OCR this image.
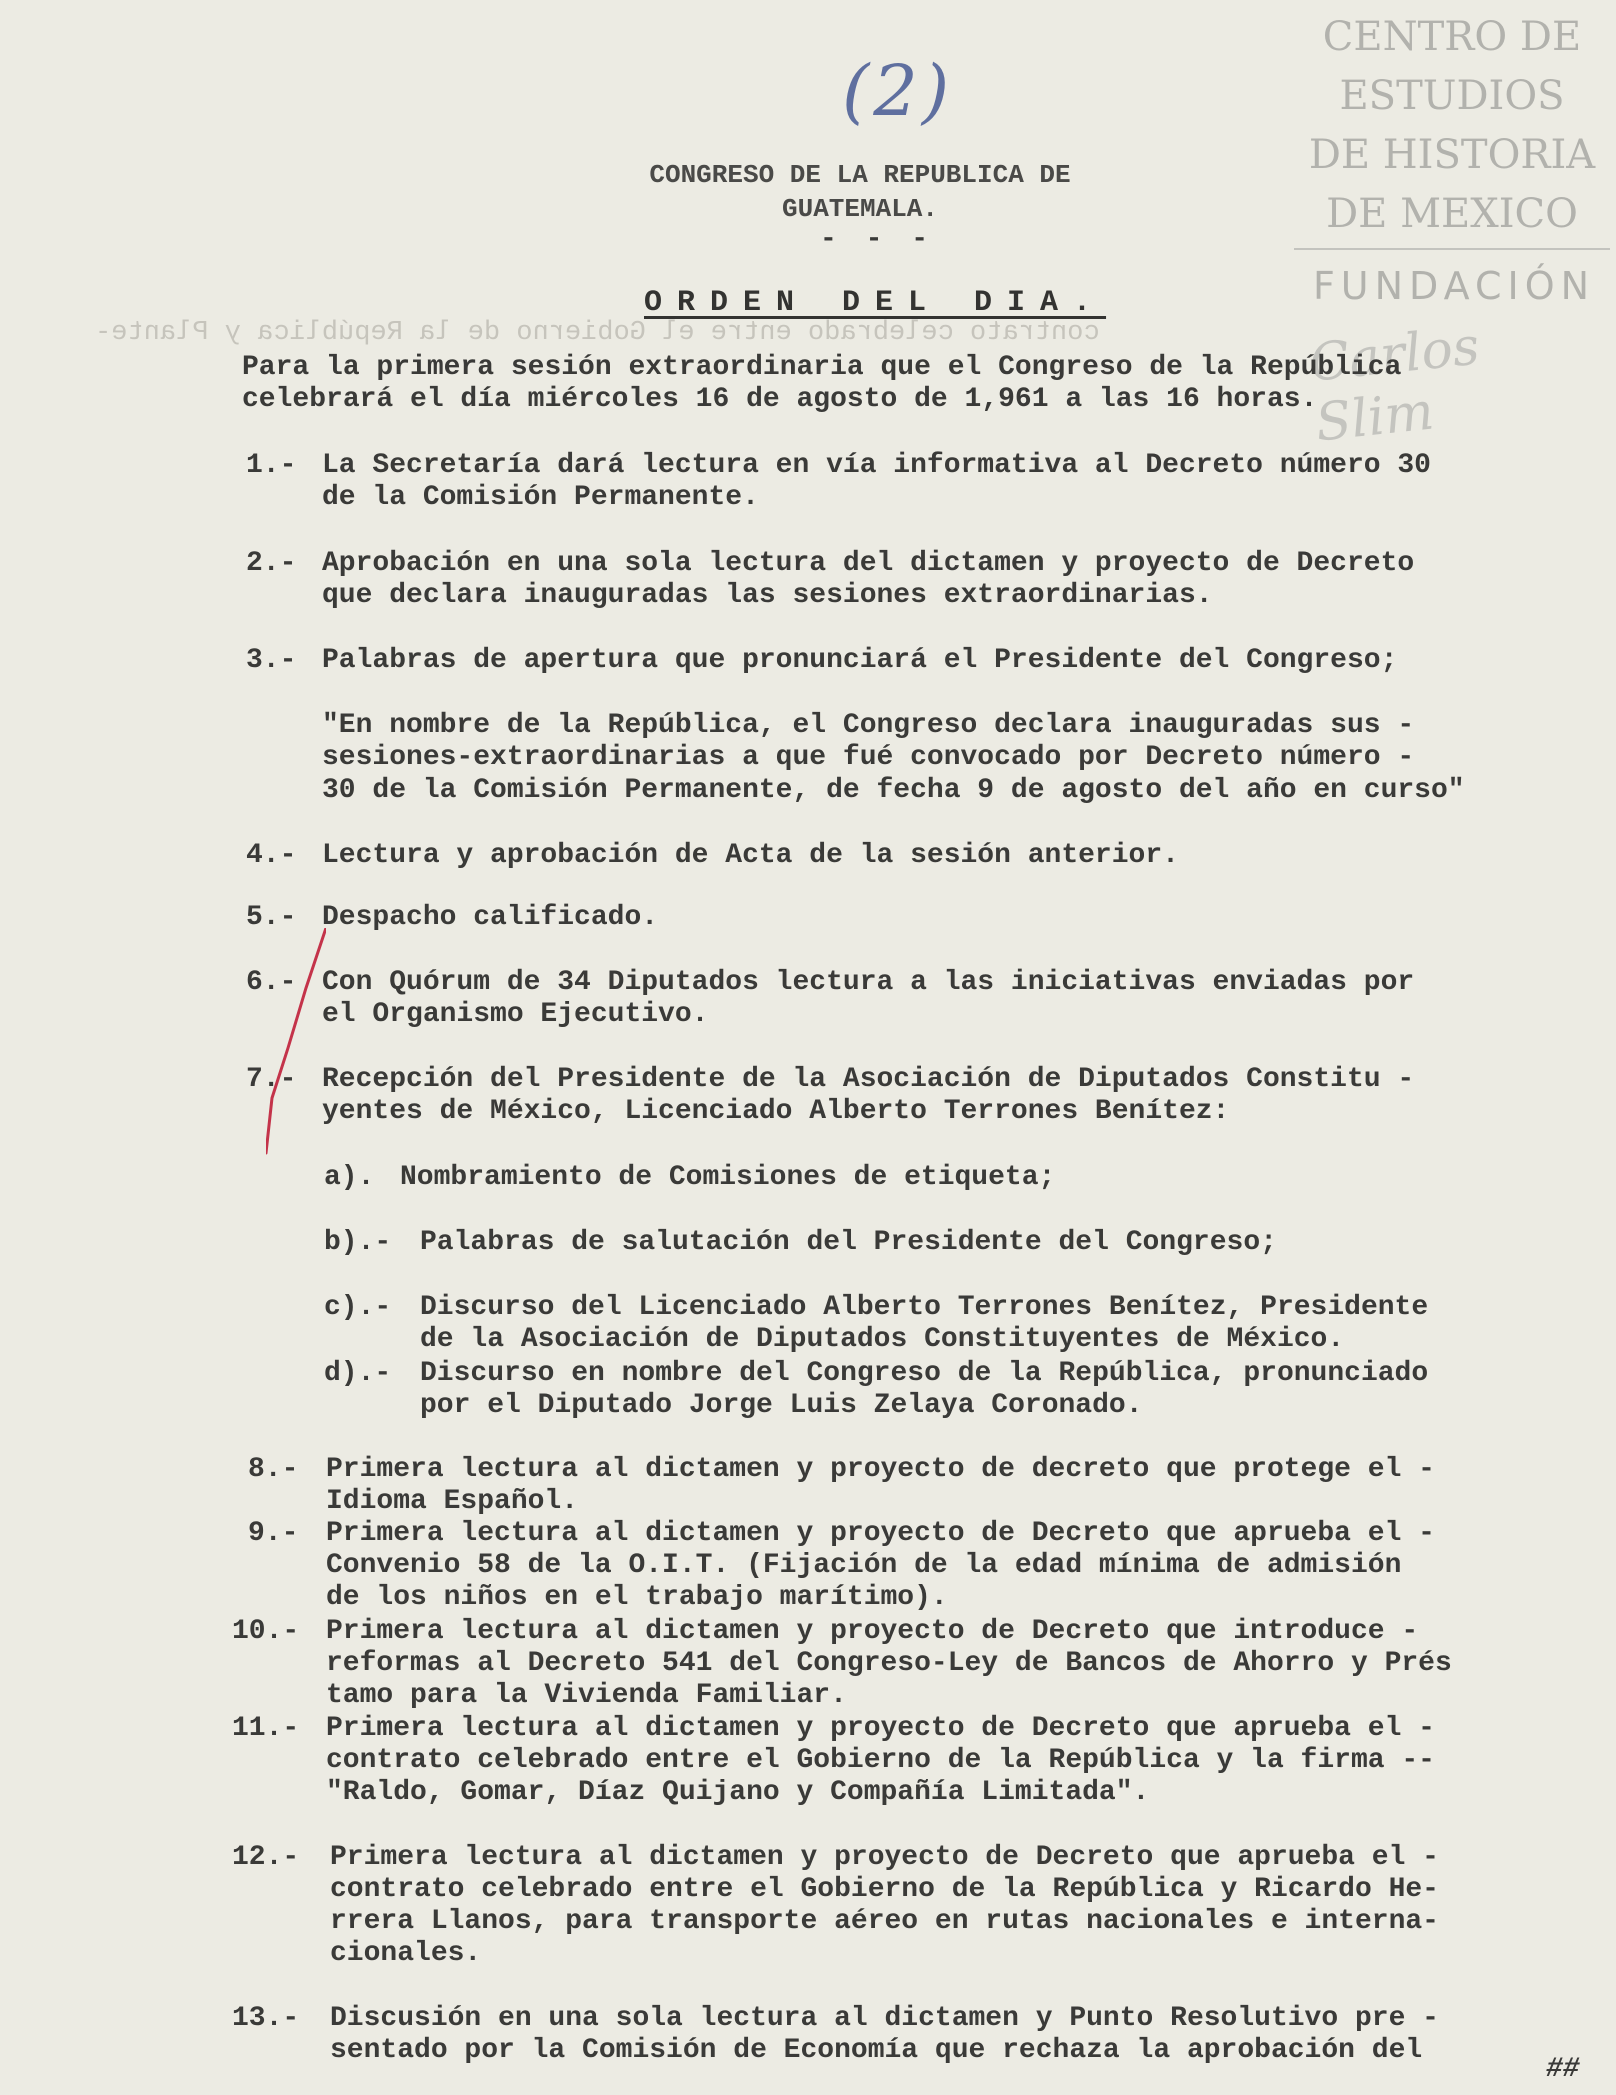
contrato celebrado entre el Gobierno de la República y Plante-
(2)
CENTRO DE
ESTUDIOS
DE HISTORIA
DE MEXICO
FUNDACIÓN
Carlos Slim
CONGRESO DE LA REPUBLICA DE
GUATEMALA.
- - -
ORDEN DEL DIA.
Para la primera sesión extraordinaria que el Congreso de la República
celebrará el día miércoles 16 de agosto de 1,961 a las 16 horas.
1.- La Secretaría dará lectura en vía informativa al Decreto número 30
de la Comisión Permanente.
2.- Aprobación en una sola lectura del dictamen y proyecto de Decreto
que declara inauguradas las sesiones extraordinarias.
3.- Palabras de apertura que pronunciará el Presidente del Congreso;
"En nombre de la República, el Congreso declara inauguradas sus -
sesiones-extraordinarias a que fué convocado por Decreto número -
30 de la Comisión Permanente, de fecha 9 de agosto del año en curso"
4.- Lectura y aprobación de Acta de la sesión anterior.
5.- Despacho calificado.
6.- Con Quórum de 34 Diputados lectura a las iniciativas enviadas por
el Organismo Ejecutivo.
7.- Recepción del Presidente de la Asociación de Diputados Constitu -
yentes de México, Licenciado Alberto Terrones Benítez:
a). Nombramiento de Comisiones de etiqueta;
b).- Palabras de salutación del Presidente del Congreso;
c).- Discurso del Licenciado Alberto Terrones Benítez, Presidente
de la Asociación de Diputados Constituyentes de México.
d).- Discurso en nombre del Congreso de la República, pronunciado
por el Diputado Jorge Luis Zelaya Coronado.
8.- Primera lectura al dictamen y proyecto de decreto que protege el -
Idioma Español.
9.- Primera lectura al dictamen y proyecto de Decreto que aprueba el -
Convenio 58 de la O.I.T. (Fijación de la edad mínima de admisión
de los niños en el trabajo marítimo).
10.- Primera lectura al dictamen y proyecto de Decreto que introduce -
reformas al Decreto 541 del Congreso-Ley de Bancos de Ahorro y Prés
tamo para la Vivienda Familiar.
11.- Primera lectura al dictamen y proyecto de Decreto que aprueba el -
contrato celebrado entre el Gobierno de la República y la firma --
"Raldo, Gomar, Díaz Quijano y Compañía Limitada".
12.- Primera lectura al dictamen y proyecto de Decreto que aprueba el -
contrato celebrado entre el Gobierno de la República y Ricardo He-
rrera Llanos, para transporte aéreo en rutas nacionales e interna-
cionales.
13.- Discusión en una sola lectura al dictamen y Punto Resolutivo pre -
sentado por la Comisión de Economía que rechaza la aprobación del
##
